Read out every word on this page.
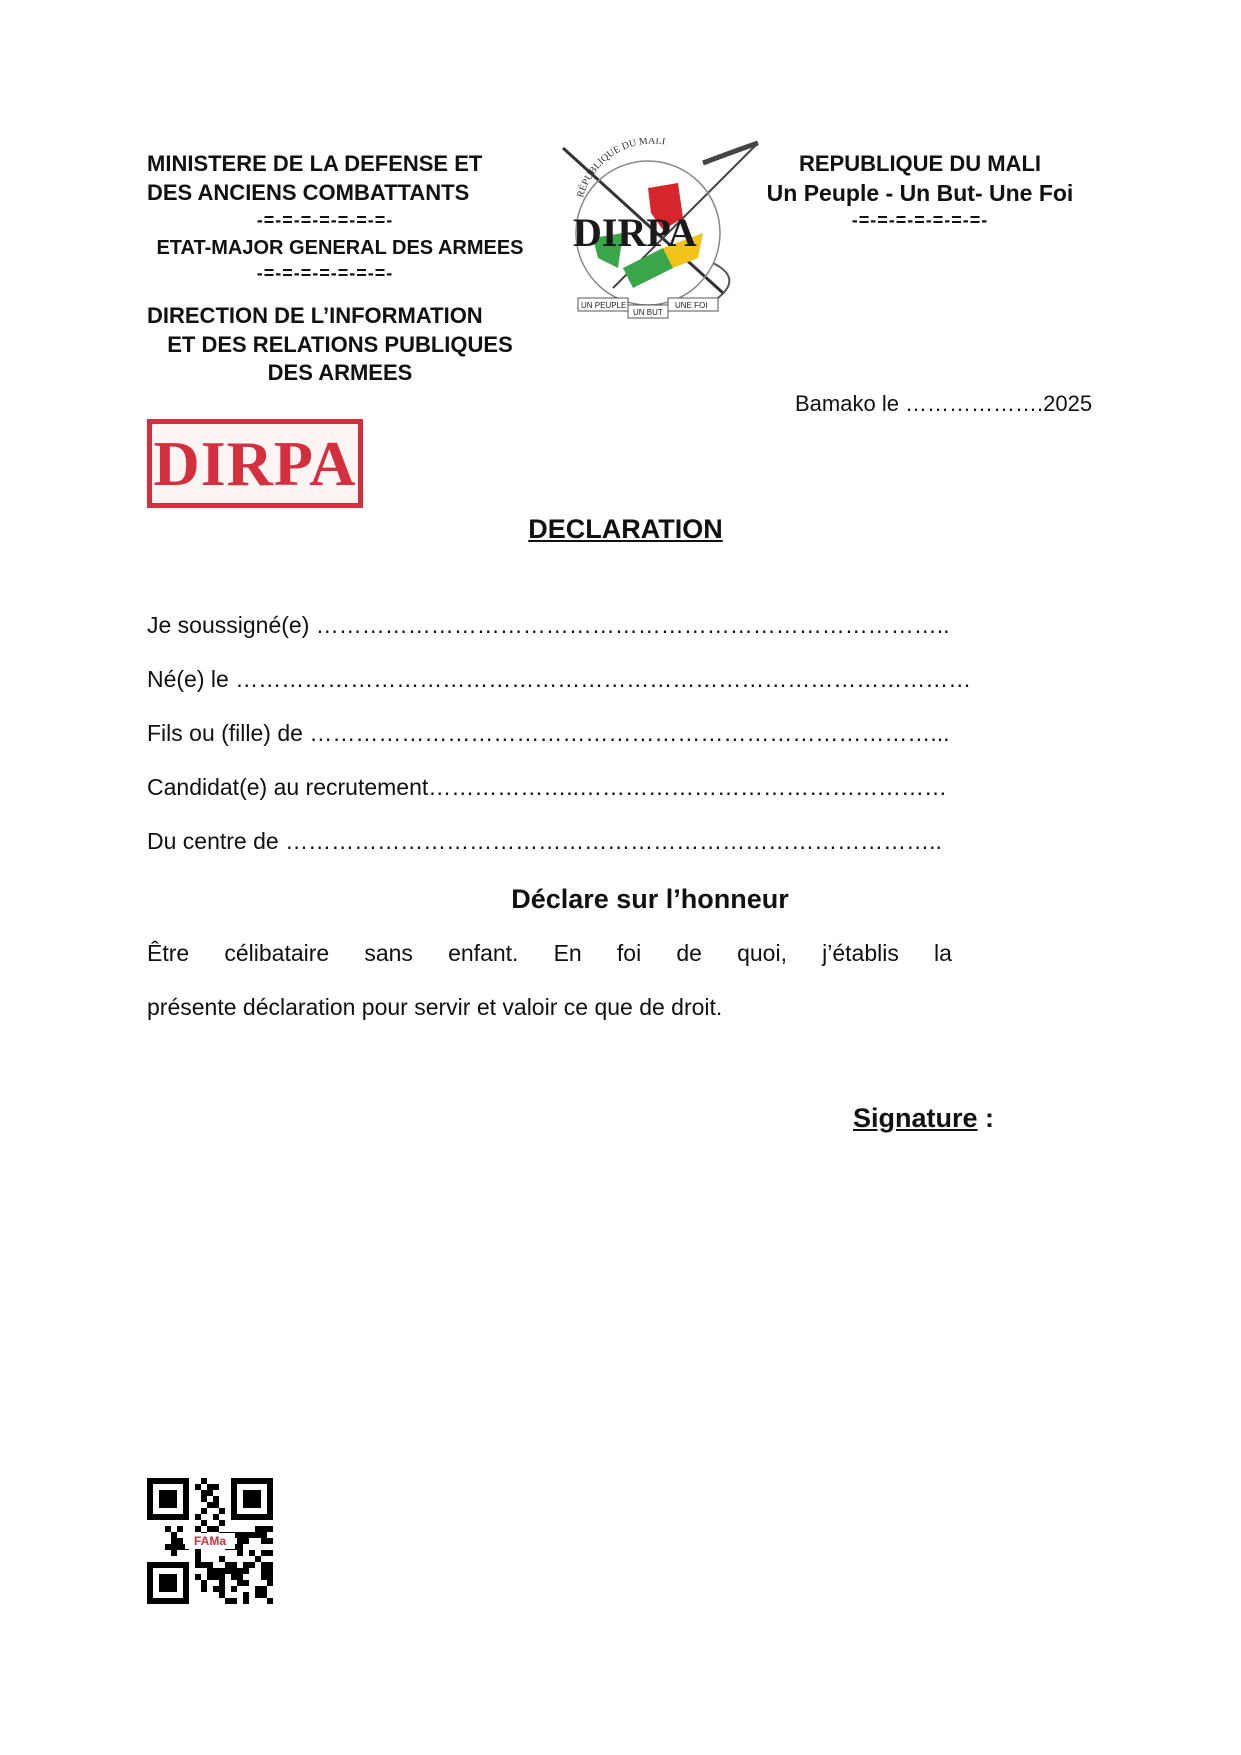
MINISTERE DE LA DEFENSE ET
DES ANCIENS COMBATTANTS
-=-=-=-=-=-=-=-
ETAT-MAJOR GENERAL DES ARMEES
-=-=-=-=-=-=-=-
DIRECTION DE L’INFORMATION
ET DES RELATIONS PUBLIQUES
DES ARMEES
RÉPUBLIQUE DU MALI
DIRPA
UN PEUPLE
UN BUT
UNE FOI
REPUBLIQUE DU MALI
Un Peuple - Un But- Une Foi
-=-=-=-=-=-=-=-
Bamako le ……………….2025
DIRPA
DECLARATION
Je soussigné(e) ………………………………………………………………………..
Né(e) le ……………………………………………………………………………………
Fils ou (fille) de ………………………………………………………………………...
Candidat(e) au recrutement………………..…………………………………………
Du centre de …………………………………………………………………………..
Déclare sur l’honneur
Être célibataire sans enfant. En foi de quoi, j’établis la
présente déclaration pour servir et valoir ce que de droit.
Signature :
FAMa
